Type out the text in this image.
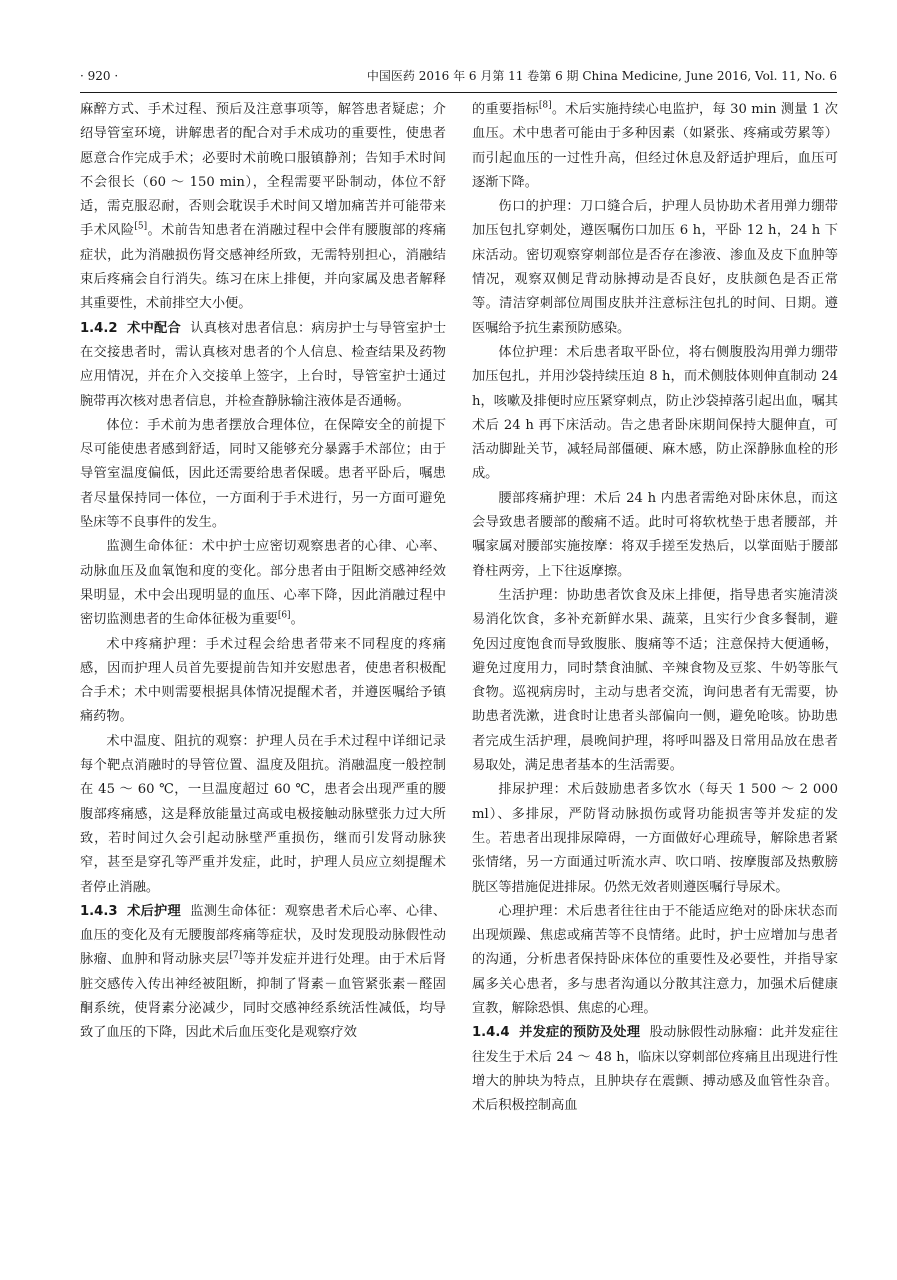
· 920 ·	中国医药 2016 年 6 月第 11 卷第 6 期 China Medicine, June 2016, Vol. 11, No. 6

麻醉方式、手术过程、预后及注意事项等，解答患者疑虑；介绍导管室环境，讲解患者的配合对手术成功的重要性，使患者愿意合作完成手术；必要时术前晚口服镇静剂；告知手术时间不会很长（60 ～ 150 min），全程需要平卧制动，体位不舒适，需克服忍耐，否则会耽误手术时间又增加痛苦并可能带来手术风险[5]。术前告知患者在消融过程中会伴有腰腹部的疼痛症状，此为消融损伤肾交感神经所致，无需特别担心，消融结束后疼痛会自行消失。练习在床上排便，并向家属及患者解释其重要性，术前排空大小便。

1.4.2 术中配合 认真核对患者信息：病房护士与导管室护士在交接患者时，需认真核对患者的个人信息、检查结果及药物应用情况，并在介入交接单上签字，上台时，导管室护士通过腕带再次核对患者信息，并检查静脉输注液体是否通畅。

体位：手术前为患者摆放合理体位，在保障安全的前提下尽可能使患者感到舒适，同时又能够充分暴露手术部位；由于导管室温度偏低，因此还需要给患者保暖。患者平卧后，嘱患者尽量保持同一体位，一方面利于手术进行，另一方面可避免坠床等不良事件的发生。

监测生命体征：术中护士应密切观察患者的心律、心率、动脉血压及血氧饱和度的变化。部分患者由于阻断交感神经效果明显，术中会出现明显的血压、心率下降，因此消融过程中密切监测患者的生命体征极为重要[6]。

术中疼痛护理：手术过程会给患者带来不同程度的疼痛感，因而护理人员首先要提前告知并安慰患者，使患者积极配合手术；术中则需要根据具体情况提醒术者，并遵医嘱给予镇痛药物。

术中温度、阻抗的观察：护理人员在手术过程中详细记录每个靶点消融时的导管位置、温度及阻抗。消融温度一般控制在 45 ～ 60 ℃，一旦温度超过 60 ℃，患者会出现严重的腰腹部疼痛感，这是释放能量过高或电极接触动脉壁张力过大所致，若时间过久会引起动脉壁严重损伤，继而引发肾动脉狭窄，甚至是穿孔等严重并发症，此时，护理人员应立刻提醒术者停止消融。

1.4.3 术后护理 监测生命体征：观察患者术后心率、心律、血压的变化及有无腰腹部疼痛等症状，及时发现股动脉假性动脉瘤、血肿和肾动脉夹层[7]等并发症并进行处理。由于术后肾脏交感传入传出神经被阻断，抑制了肾素－血管紧张素－醛固酮系统，使肾素分泌减少，同时交感神经系统活性减低，均导致了血压的下降，因此术后血压变化是观察疗效

的重要指标[8]。术后实施持续心电监护，每 30 min 测量 1 次血压。术中患者可能由于多种因素（如紧张、疼痛或劳累等）而引起血压的一过性升高，但经过休息及舒适护理后，血压可逐渐下降。

伤口的护理：刀口缝合后，护理人员协助术者用弹力绷带加压包扎穿刺处，遵医嘱伤口加压 6 h，平卧 12 h，24 h 下床活动。密切观察穿刺部位是否存在渗液、渗血及皮下血肿等情况，观察双侧足背动脉搏动是否良好，皮肤颜色是否正常等。清洁穿刺部位周围皮肤并注意标注包扎的时间、日期。遵医嘱给予抗生素预防感染。

体位护理：术后患者取平卧位，将右侧腹股沟用弹力绷带加压包扎，并用沙袋持续压迫 8 h，而术侧肢体则伸直制动 24 h，咳嗽及排便时应压紧穿刺点，防止沙袋掉落引起出血，嘱其术后 24 h 再下床活动。告之患者卧床期间保持大腿伸直，可活动脚趾关节，减轻局部僵硬、麻木感，防止深静脉血栓的形成。

腰部疼痛护理：术后 24 h 内患者需绝对卧床休息，而这会导致患者腰部的酸痛不适。此时可将软枕垫于患者腰部，并嘱家属对腰部实施按摩：将双手搓至发热后，以掌面贴于腰部脊柱两旁，上下往返摩擦。

生活护理：协助患者饮食及床上排便，指导患者实施清淡易消化饮食，多补充新鲜水果、蔬菜，且实行少食多餐制，避免因过度饱食而导致腹胀、腹痛等不适；注意保持大便通畅，避免过度用力，同时禁食油腻、辛辣食物及豆浆、牛奶等胀气食物。巡视病房时，主动与患者交流，询问患者有无需要，协助患者洗漱，进食时让患者头部偏向一侧，避免呛咳。协助患者完成生活护理，晨晚间护理，将呼叫器及日常用品放在患者易取处，满足患者基本的生活需要。

排尿护理：术后鼓励患者多饮水（每天 1 500 ～ 2 000 ml）、多排尿，严防肾动脉损伤或肾功能损害等并发症的发生。若患者出现排尿障碍，一方面做好心理疏导，解除患者紧张情绪，另一方面通过听流水声、吹口哨、按摩腹部及热敷膀胱区等措施促进排尿。仍然无效者则遵医嘱行导尿术。

心理护理：术后患者往往由于不能适应绝对的卧床状态而出现烦躁、焦虑或痛苦等不良情绪。此时，护士应增加与患者的沟通，分析患者保持卧床体位的重要性及必要性，并指导家属多关心患者，多与患者沟通以分散其注意力，加强术后健康宣教，解除恐惧、焦虑的心理。

1.4.4 并发症的预防及处理 股动脉假性动脉瘤：此并发症往往发生于术后 24 ～ 48 h，临床以穿刺部位疼痛且出现进行性增大的肿块为特点，且肿块存在震颤、搏动感及血管性杂音。术后积极控制高血
